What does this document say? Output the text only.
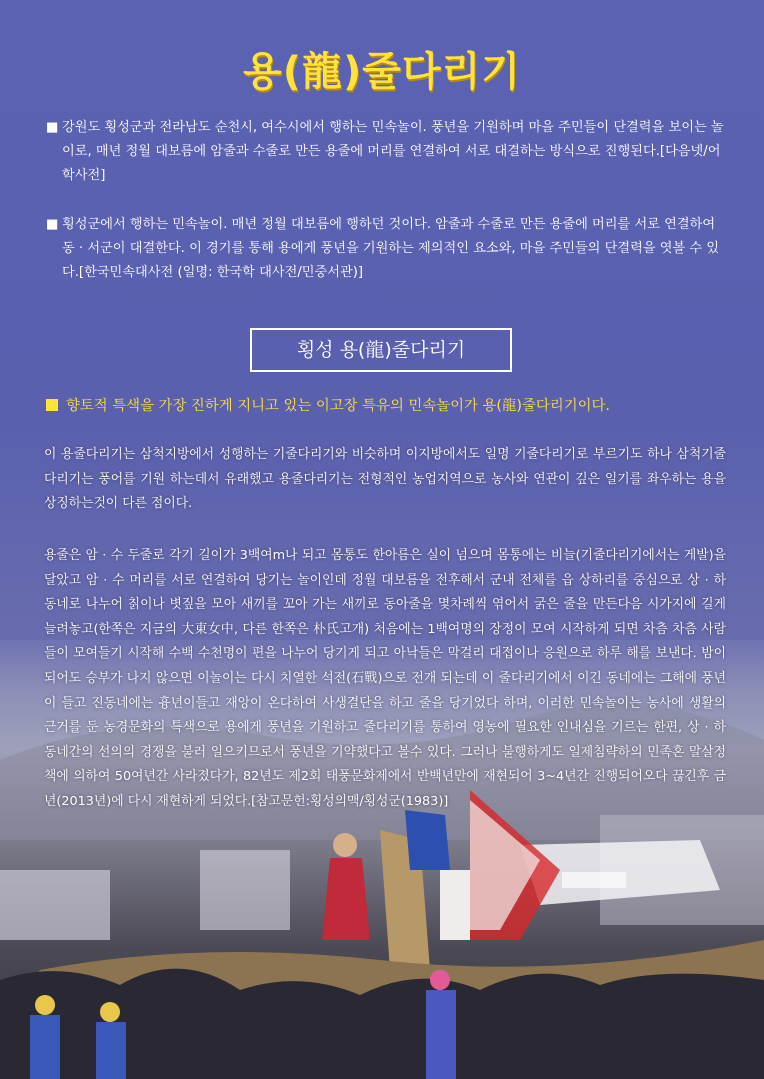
용(龍)줄다리기
■ 강원도 횡성군과 전라남도 순천시, 여수시에서 행하는 민속놀이. 풍년을 기원하며 마을 주민들이 단결력을 보이는 놀이로, 매년 정월 대보름에 암줄과 수줄로 만든 용줄에 머리를 연결하여 서로 대결하는 방식으로 진행된다.[다음넷/어학사전]
■ 횡성군에서 행하는 민속놀이. 매년 정월 대보름에 행하던 것이다. 암줄과 수줄로 만든 용줄에 머리를 서로 연결하여 동 · 서군이 대결한다. 이 경기를 통해 용에게 풍년을 기원하는 제의적인 요소와, 마을 주민들의 단결력을 엿볼 수 있다.[한국민속대사전 (일명: 한국학 대사전/민중서관)]
횡성 용(龍)줄다리기
향토적 특색을 가장 진하게 지니고 있는 이고장 특유의 민속놀이가 용(龍)줄다리기이다.
이 용줄다리기는 삼척지방에서 성행하는 기줄다리기와 비슷하며 이지방에서도 일명 기줄다리기로 부르기도 하나 삼척기줄다리기는 풍어를 기원 하는데서 유래했고 용줄다리기는 전형적인 농업지역으로 농사와 연관이 깊은 일기를 좌우하는 용을 상징하는것이 다른 점이다.
용줄은 암 · 수 두줄로 각기 길이가 3백여m나 되고 몸통도 한아름은 실이 넘으며 몸통에는 비늘(기줄다리기에서는 게발)을 달았고 암 · 수 머리를 서로 연결하여 당기는 놀이인데 정월 대보름을 전후해서 군내 전체를 읍 상하리를 중심으로 상 · 하 동네로 나누어 칡이나 볏짚을 모아 새끼를 꼬아 가는 새끼로 동아줄을 몇차례씩 엮어서 굵은 줄을 만든다음 시가지에 길게 늘려놓고(한쪽은 지금의 大東女中, 다른 한쪽은 朴氏고개) 처음에는 1백여명의 장정이 모여 시작하게 되면 차츰 차츰 사람들이 모여들기 시작해 수백 수천명이 편을 나누어 당기게 되고 아낙들은 막걸리 대접이나 응원으로 하루 해를 보낸다. 밤이 되어도 승부가 나지 않으면 이놀이는 다시 치열한 석전(石戰)으로 전개 되는데 이 줄다리기에서 이긴 동네에는 그해에 풍년이 들고 진동네에는 흉년이들고 재앙이 온다하여 사생결단을 하고 줄을 당기었다 하며, 이러한 민속놀이는 농사에 생활의 근거를 둔 농경문화의 특색으로 용에게 풍년을 기원하고 줄다리기를 통하여 영농에 필요한 인내심을 기르는 한편, 상 · 하 동네간의 선의의 경쟁을 불러 일으키므로서 풍년을 기약했다고 볼수 있다. 그러나 불행하게도 일제침략하의 민족혼 말살정책에 의하여 50여년간 사라졌다가, 82년도 제2회 태풍문화제에서 반백년만에 재현되어 3~4년간 진행되어오다 끊긴후 금년(2013년)에 다시 재현하게 되었다.[참고문헌:횡성의맥/횡성군(1983)]
